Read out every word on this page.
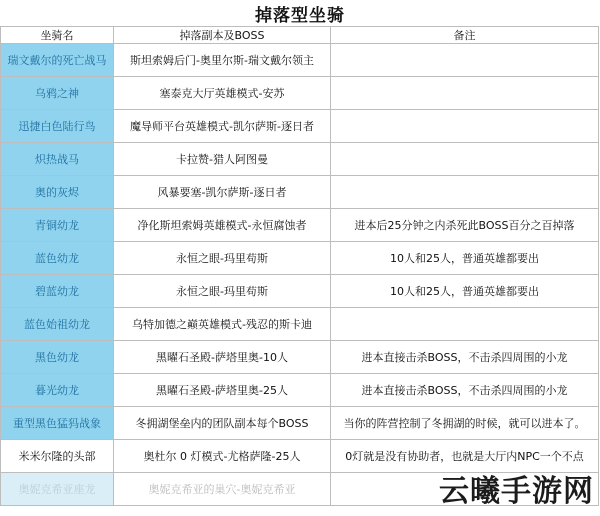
掉落型坐骑
坐骑名	掉落副本及BOSS	备注
瑞文戴尔的死亡战马	斯坦索姆后门-奥里尔斯-瑞文戴尔领主	
乌鸦之神	塞泰克大厅英雄模式-安苏	
迅捷白色陆行鸟	魔导师平台英雄模式-凯尔萨斯-逐日者	
炽热战马	卡拉赞-猎人阿图曼	
奥的灰烬	风暴要塞-凯尔萨斯-逐日者	
青铜幼龙	净化斯坦索姆英雄模式-永恒腐蚀者	进本后25分钟之内杀死此BOSS百分之百掉落
蓝色幼龙	永恒之眼-玛里苟斯	10人和25人，普通英雄都要出
碧蓝幼龙	永恒之眼-玛里苟斯	10人和25人，普通英雄都要出
蓝色始祖幼龙	乌特加德之巅英雄模式-残忍的斯卡迪	
黑色幼龙	黑曜石圣殿-萨塔里奥-10人	进本直接击杀BOSS，不击杀四周围的小龙
暮光幼龙	黑曜石圣殿-萨塔里奥-25人	进本直接击杀BOSS，不击杀四周围的小龙
重型黑色猛犸战象	冬拥湖堡垒内的团队副本每个BOSS	当你的阵营控制了冬拥湖的时候，就可以进本了。
米米尔隆的头部	奥杜尔 0 灯模式-尤格萨隆-25人	0灯就是没有协助者，也就是大厅内NPC一个不点
奥妮克希亚座龙	奥妮克希亚的巢穴-奥妮克希亚		云曦手游网
